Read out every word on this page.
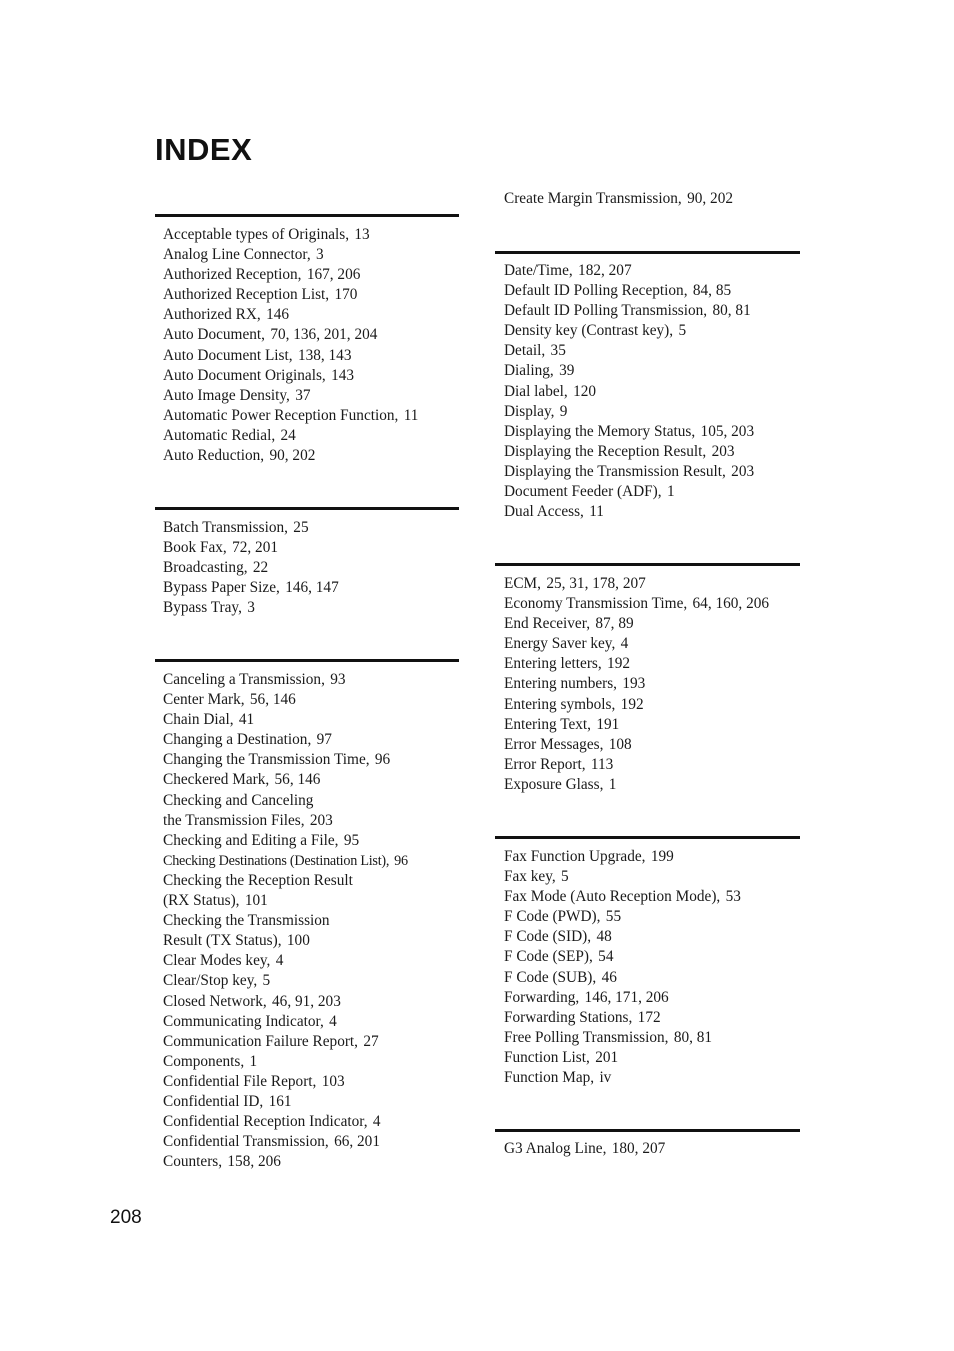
INDEX
Acceptable types of Originals, 13
Analog Line Connector, 3
Authorized Reception, 167, 206
Authorized Reception List, 170
Authorized RX, 146
Auto Document, 70, 136, 201, 204
Auto Document List, 138, 143
Auto Document Originals, 143
Auto Image Density, 37
Automatic Power Reception Function, 11
Automatic Redial, 24
Auto Reduction, 90, 202
Batch Transmission, 25
Book Fax, 72, 201
Broadcasting, 22
Bypass Paper Size, 146, 147
Bypass Tray, 3
Canceling a Transmission, 93
Center Mark, 56, 146
Chain Dial, 41
Changing a Destination, 97
Changing the Transmission Time, 96
Checkered Mark, 56, 146
Checking and Canceling
the Transmission Files, 203
Checking and Editing a File, 95
Checking Destinations (Destination List), 96
Checking the Reception Result
(RX Status), 101
Checking the Transmission
Result (TX Status), 100
Clear Modes key, 4
Clear/Stop key, 5
Closed Network, 46, 91, 203
Communicating Indicator, 4
Communication Failure Report, 27
Components, 1
Confidential File Report, 103
Confidential ID, 161
Confidential Reception Indicator, 4
Confidential Transmission, 66, 201
Counters, 158, 206
Create Margin Transmission, 90, 202
Date/Time, 182, 207
Default ID Polling Reception, 84, 85
Default ID Polling Transmission, 80, 81
Density key (Contrast key), 5
Detail, 35
Dialing, 39
Dial label, 120
Display, 9
Displaying the Memory Status, 105, 203
Displaying the Reception Result, 203
Displaying the Transmission Result, 203
Document Feeder (ADF), 1
Dual Access, 11
ECM, 25, 31, 178, 207
Economy Transmission Time, 64, 160, 206
End Receiver, 87, 89
Energy Saver key, 4
Entering letters, 192
Entering numbers, 193
Entering symbols, 192
Entering Text, 191
Error Messages, 108
Error Report, 113
Exposure Glass, 1
Fax Function Upgrade, 199
Fax key, 5
Fax Mode (Auto Reception Mode), 53
F Code (PWD), 55
F Code (SID), 48
F Code (SEP), 54
F Code (SUB), 46
Forwarding, 146, 171, 206
Forwarding Stations, 172
Free Polling Transmission, 80, 81
Function List, 201
Function Map, iv
G3 Analog Line, 180, 207
208
